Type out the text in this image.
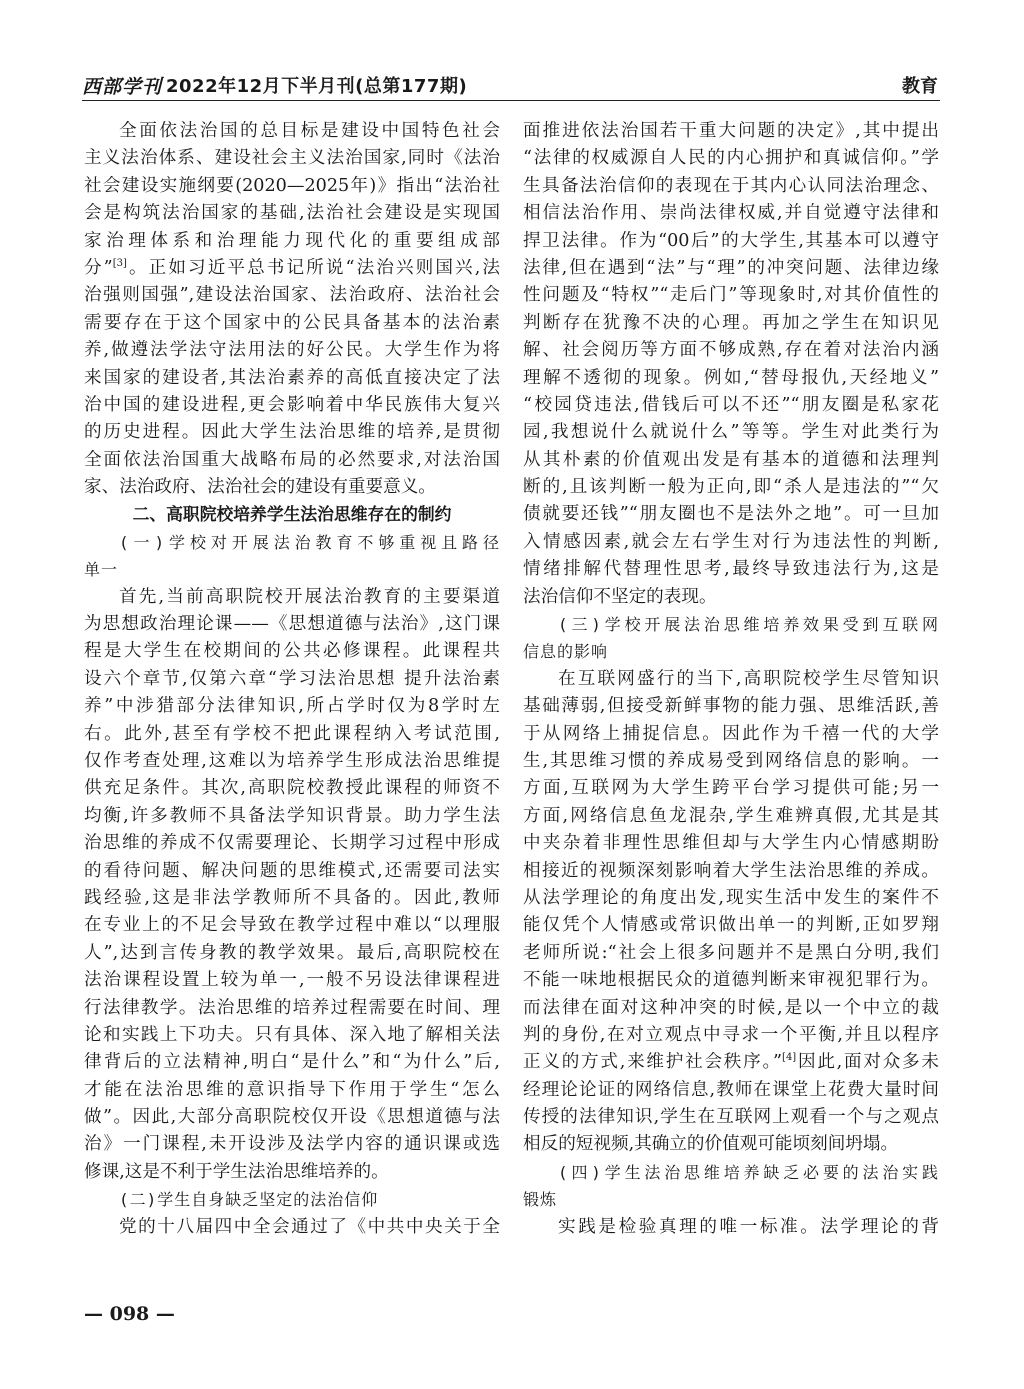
西部学刊 2022年12月下半月刊(总第177期)	教育
全面依法治国的总目标是建设中国特色社会
主义法治体系、建设社会主义法治国家,同时《法治
社会建设实施纲要(2020—2025年)》指出“法治社
会是构筑法治国家的基础,法治社会建设是实现国
家治理体系和治理能力现代化的重要组成部
分”[3]。正如习近平总书记所说“法治兴则国兴,法
治强则国强”,建设法治国家、法治政府、法治社会
需要存在于这个国家中的公民具备基本的法治素
养,做遵法学法守法用法的好公民。大学生作为将
来国家的建设者,其法治素养的高低直接决定了法
治中国的建设进程,更会影响着中华民族伟大复兴
的历史进程。因此大学生法治思维的培养,是贯彻
全面依法治国重大战略布局的必然要求,对法治国
家、法治政府、法治社会的建设有重要意义。
二、高职院校培养学生法治思维存在的制约
(一)学校对开展法治教育不够重视且路径
单一
首先,当前高职院校开展法治教育的主要渠道
为思想政治理论课——《思想道德与法治》,这门课
程是大学生在校期间的公共必修课程。此课程共
设六个章节,仅第六章“学习法治思想 提升法治素
养”中涉猎部分法律知识,所占学时仅为8学时左
右。此外,甚至有学校不把此课程纳入考试范围,
仅作考查处理,这难以为培养学生形成法治思维提
供充足条件。其次,高职院校教授此课程的师资不
均衡,许多教师不具备法学知识背景。助力学生法
治思维的养成不仅需要理论、长期学习过程中形成
的看待问题、解决问题的思维模式,还需要司法实
践经验,这是非法学教师所不具备的。因此,教师
在专业上的不足会导致在教学过程中难以“以理服
人”,达到言传身教的教学效果。最后,高职院校在
法治课程设置上较为单一,一般不另设法律课程进
行法律教学。法治思维的培养过程需要在时间、理
论和实践上下功夫。只有具体、深入地了解相关法
律背后的立法精神,明白“是什么”和“为什么”后,
才能在法治思维的意识指导下作用于学生“怎么
做”。因此,大部分高职院校仅开设《思想道德与法
治》一门课程,未开设涉及法学内容的通识课或选
修课,这是不利于学生法治思维培养的。
(二)学生自身缺乏坚定的法治信仰
党的十八届四中全会通过了《中共中央关于全
面推进依法治国若干重大问题的决定》,其中提出
“法律的权威源自人民的内心拥护和真诚信仰。”学
生具备法治信仰的表现在于其内心认同法治理念、
相信法治作用、崇尚法律权威,并自觉遵守法律和
捍卫法律。作为“00后”的大学生,其基本可以遵守
法律,但在遇到“法”与“理”的冲突问题、法律边缘
性问题及“特权”“走后门”等现象时,对其价值性的
判断存在犹豫不决的心理。再加之学生在知识见
解、社会阅历等方面不够成熟,存在着对法治内涵
理解不透彻的现象。例如,“替母报仇,天经地义”
“校园贷违法,借钱后可以不还”“朋友圈是私家花
园,我想说什么就说什么”等等。学生对此类行为
从其朴素的价值观出发是有基本的道德和法理判
断的,且该判断一般为正向,即“杀人是违法的”“欠
债就要还钱”“朋友圈也不是法外之地”。可一旦加
入情感因素,就会左右学生对行为违法性的判断,
情绪排解代替理性思考,最终导致违法行为,这是
法治信仰不坚定的表现。
(三)学校开展法治思维培养效果受到互联网
信息的影响
在互联网盛行的当下,高职院校学生尽管知识
基础薄弱,但接受新鲜事物的能力强、思维活跃,善
于从网络上捕捉信息。因此作为千禧一代的大学
生,其思维习惯的养成易受到网络信息的影响。一
方面,互联网为大学生跨平台学习提供可能;另一
方面,网络信息鱼龙混杂,学生难辨真假,尤其是其
中夹杂着非理性思维但却与大学生内心情感期盼
相接近的视频深刻影响着大学生法治思维的养成。
从法学理论的角度出发,现实生活中发生的案件不
能仅凭个人情感或常识做出单一的判断,正如罗翔
老师所说:“社会上很多问题并不是黑白分明,我们
不能一味地根据民众的道德判断来审视犯罪行为。
而法律在面对这种冲突的时候,是以一个中立的裁
判的身份,在对立观点中寻求一个平衡,并且以程序
正义的方式,来维护社会秩序。”[4]因此,面对众多未
经理论论证的网络信息,教师在课堂上花费大量时间
传授的法律知识,学生在互联网上观看一个与之观点
相反的短视频,其确立的价值观可能顷刻间坍塌。
(四)学生法治思维培养缺乏必要的法治实践
锻炼
实践是检验真理的唯一标准。法学理论的背
— 098 —
